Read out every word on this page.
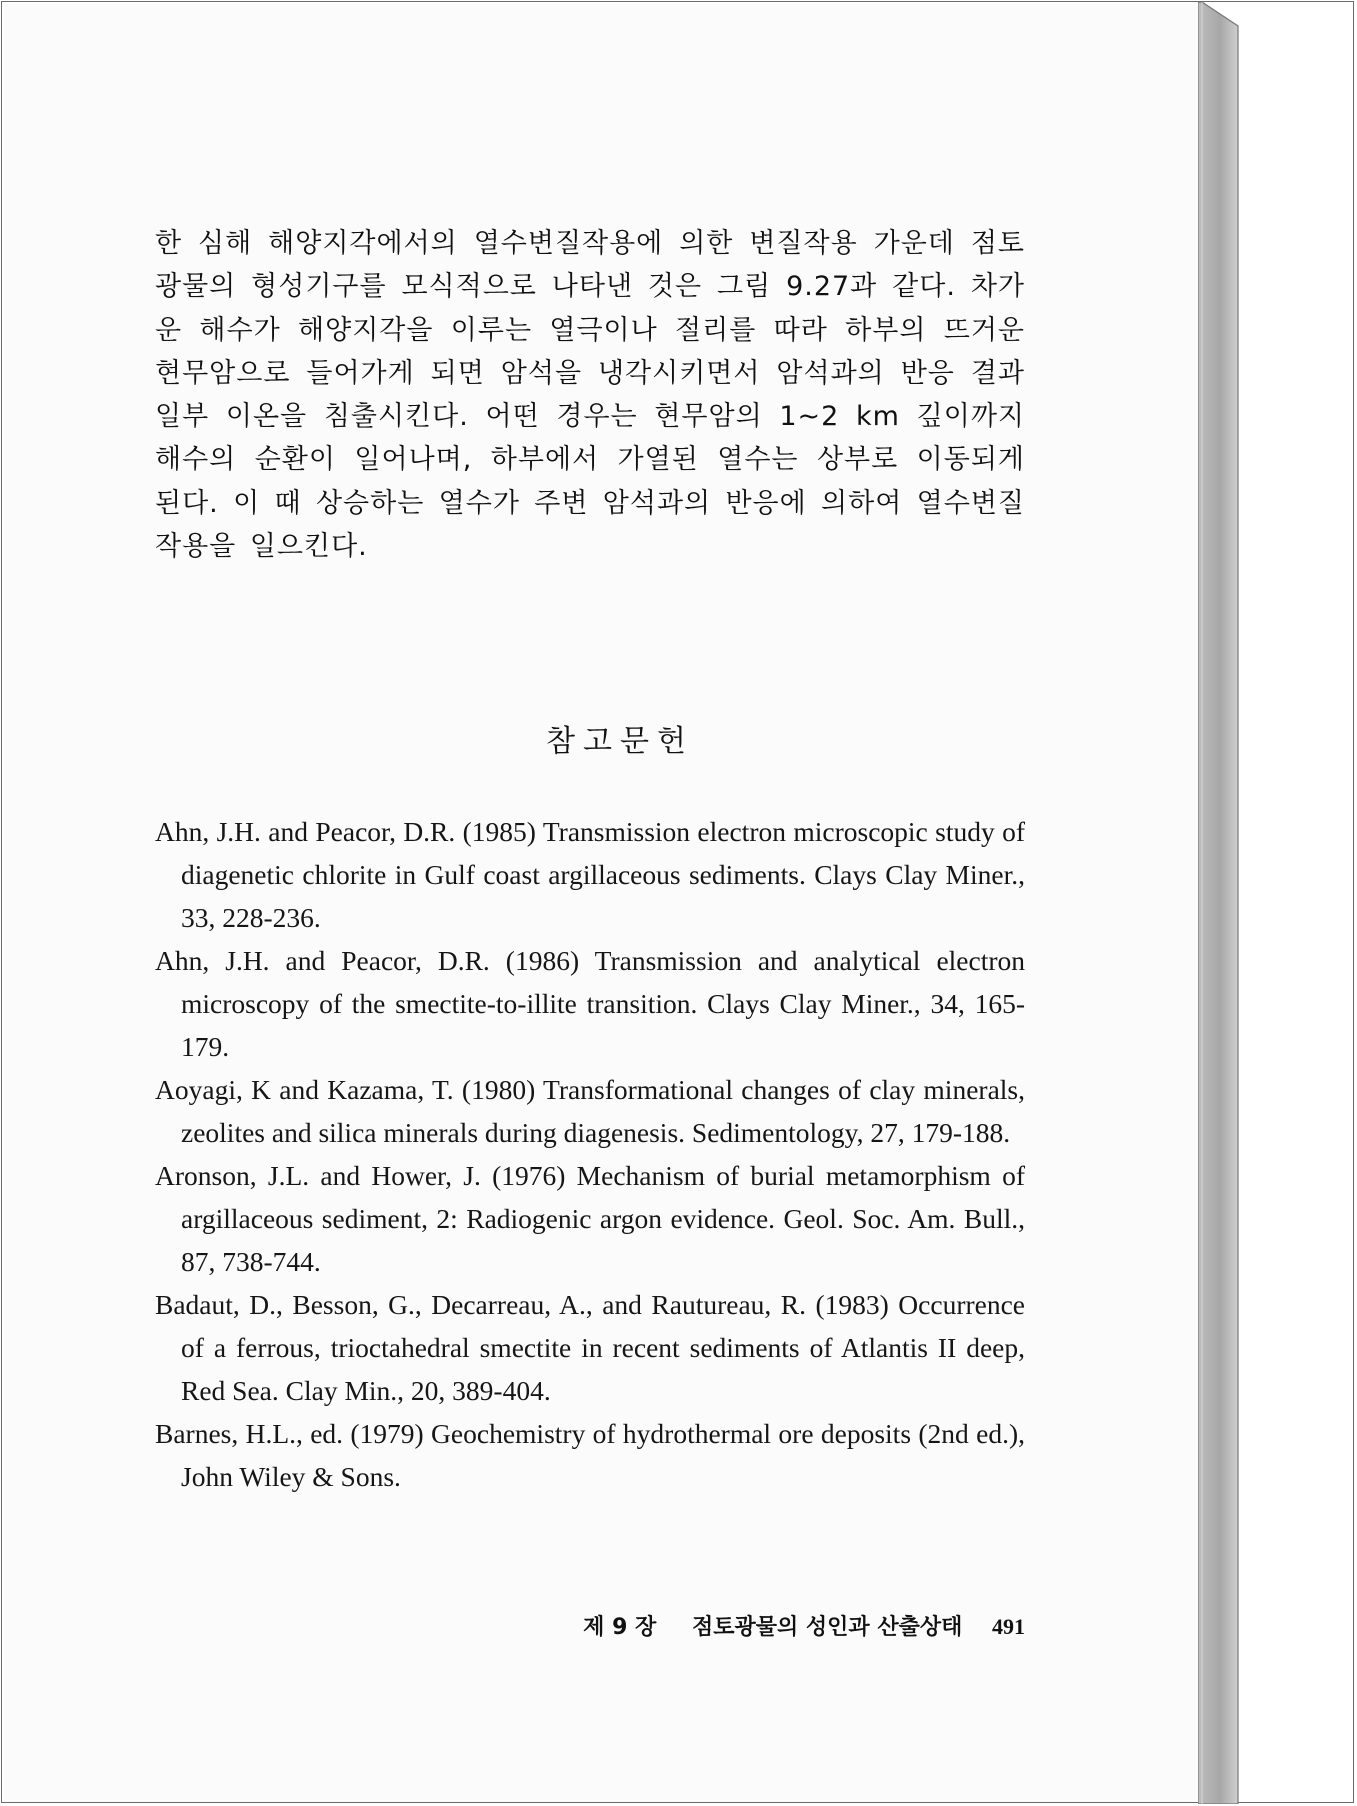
한 심해 해양지각에서의 열수변질작용에 의한 변질작용 가운데 점토광물의 형성기구를 모식적으로 나타낸 것은 그림 9.27과 같다. 차가운 해수가 해양지각을 이루는 열극이나 절리를 따라 하부의 뜨거운 현무암으로 들어가게 되면 암석을 냉각시키면서 암석과의 반응 결과 일부 이온을 침출시킨다. 어떤 경우는 현무암의 1~2 km 깊이까지 해수의 순환이 일어나며, 하부에서 가열된 열수는 상부로 이동되게 된다. 이 때 상승하는 열수가 주변 암석과의 반응에 의하여 열수변질작용을 일으킨다.

참고문헌
Ahn, J.H. and Peacor, D.R. (1985) Transmission electron microscopic study of diagenetic chlorite in Gulf coast argillaceous sediments. Clays Clay Miner., 33, 228-236.
Ahn, J.H. and Peacor, D.R. (1986) Transmission and analytical electron microscopy of the smectite-to-illite transition. Clays Clay Miner., 34, 165-179.
Aoyagi, K and Kazama, T. (1980) Transformational changes of clay minerals, zeolites and silica minerals during diagenesis. Sedimentology, 27, 179-188.
Aronson, J.L. and Hower, J. (1976) Mechanism of burial metamorphism of argillaceous sediment, 2: Radiogenic argon evidence. Geol. Soc. Am. Bull., 87, 738-744.
Badaut, D., Besson, G., Decarreau, A., and Rautureau, R. (1983) Occurrence of a ferrous, trioctahedral smectite in recent sediments of Atlantis II deep, Red Sea. Clay Min., 20, 389-404.
Barnes, H.L., ed. (1979) Geochemistry of hydrothermal ore deposits (2nd ed.), John Wiley & Sons.
제 9 장 점토광물의 성인과 산출상태 491
